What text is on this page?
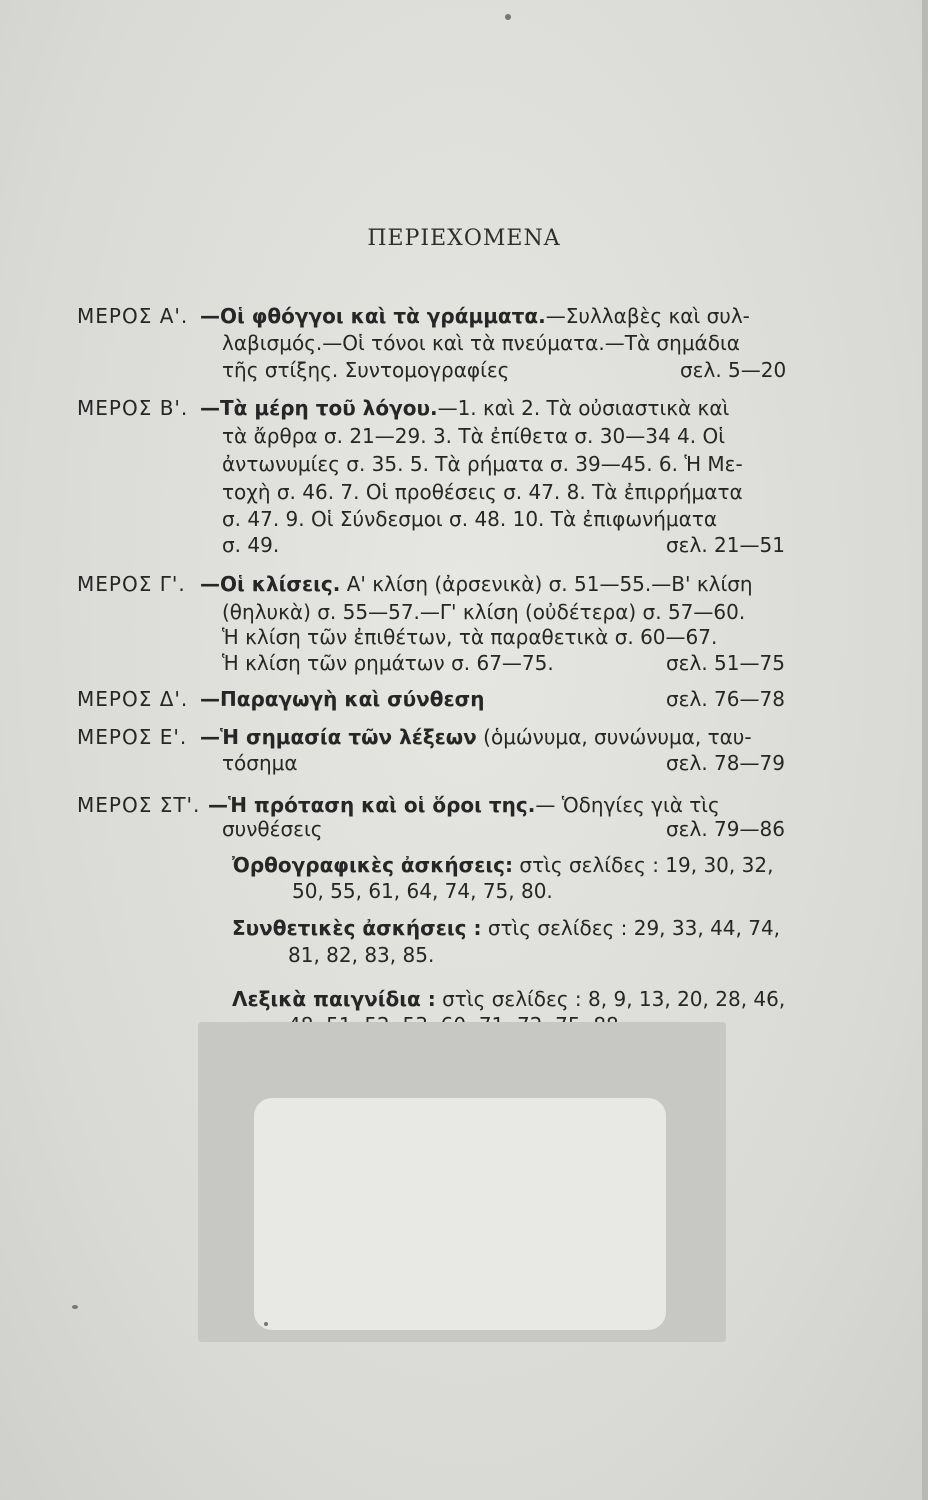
ΠΕΡΙΕΧΟΜΕΝΑ
ΜΕΡΟΣ Α'. —Οἱ φθόγγοι καὶ τὰ γράμματα.—Συλλαβὲς καὶ συλ-
λαβισμός.—Οἱ τόνοι καὶ τὰ πνεύματα.—Τὰ σημάδια
τῆς στίξης. Συντομογραφίες	σελ. 5—20
ΜΕΡΟΣ Β'. —Τὰ μέρη τοῦ λόγου.—1. καὶ 2. Τὰ οὐσιαστικὰ καὶ
τὰ ἄρθρα σ. 21—29. 3. Τὰ ἐπίθετα σ. 30—34 4. Οἱ
ἀντωνυμίες σ. 35. 5. Τὰ ρήματα σ. 39—45. 6. Ἡ Με-
τοχὴ σ. 46. 7. Οἱ προθέσεις σ. 47. 8. Τὰ ἐπιρρήματα
σ. 47. 9. Οἱ Σύνδεσμοι σ. 48. 10. Τὰ ἐπιφωνήματα
σ. 49.	σελ. 21—51
ΜΕΡΟΣ Γ'. —Οἱ κλίσεις. Α' κλίση (ἀρσενικὰ) σ. 51—55.—Β' κλίση
(θηλυκὰ) σ. 55—57.—Γ' κλίση (οὐδέτερα) σ. 57—60.
Ἡ κλίση τῶν ἐπιθέτων, τὰ παραθετικὰ σ. 60—67.
Ἡ κλίση τῶν ρημάτων σ. 67—75.	σελ. 51—75
ΜΕΡΟΣ Δ'. —Παραγωγὴ καὶ σύνθεση	σελ. 76—78
ΜΕΡΟΣ Ε'. —Ἡ σημασία τῶν λέξεων (ὁμώνυμα, συνώνυμα, ταυ-
τόσημα	σελ. 78—79
ΜΕΡΟΣ ΣΤ'. —Ἡ πρόταση καὶ οἱ ὅροι της.— Ὁδηγίες γιὰ τὶς
συνθέσεις	σελ. 79—86
Ὀρθογραφικὲς ἀσκήσεις: στὶς σελίδες : 19, 30, 32,
50, 55, 61, 64, 74, 75, 80.
Συνθετικὲς ἀσκήσεις : στὶς σελίδες : 29, 33, 44, 74,
81, 82, 83, 85.
Λεξικὰ παιγνίδια : στὶς σελίδες : 8, 9, 13, 20, 28, 46,
